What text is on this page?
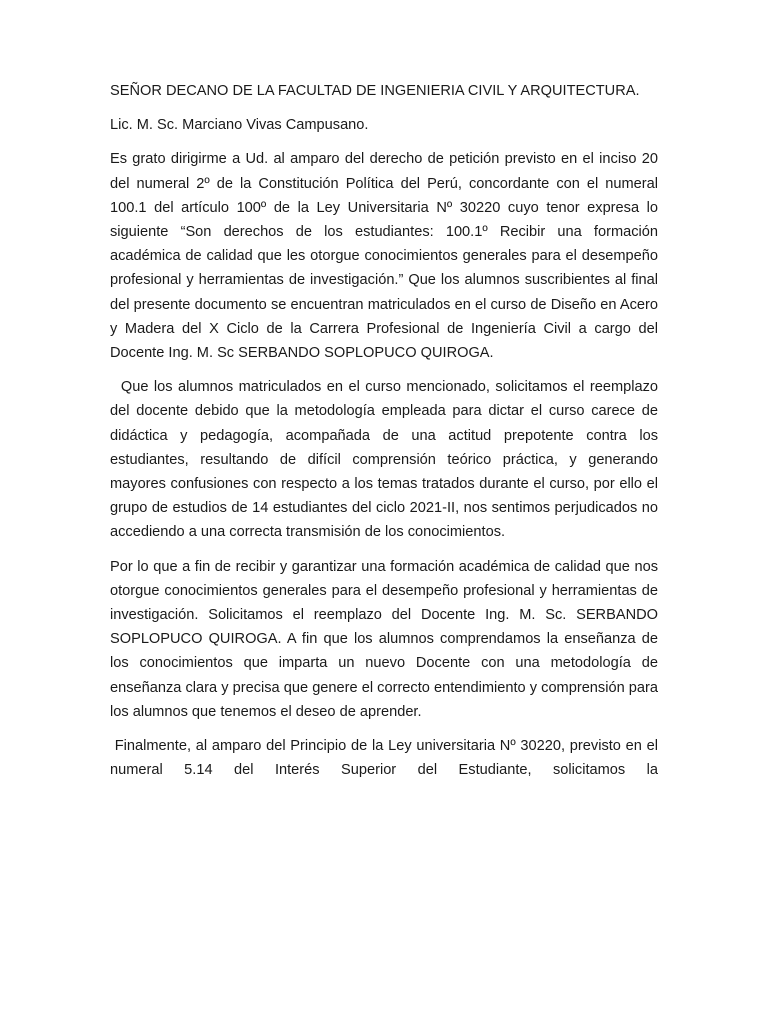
SEÑOR DECANO DE LA FACULTAD DE INGENIERIA CIVIL Y ARQUITECTURA.

Lic. M. Sc. Marciano Vivas Campusano.

Es grato dirigirme a Ud. al amparo del derecho de petición previsto en el inciso 20 del numeral 2º de la Constitución Política del Perú, concordante con el numeral 100.1 del artículo 100º de la Ley Universitaria Nº 30220 cuyo tenor expresa lo siguiente “Son derechos de los estudiantes: 100.1º Recibir una formación académica de calidad que les otorgue conocimientos generales para el desempeño profesional y herramientas de investigación.” Que los alumnos suscribientes al final del presente documento se encuentran matriculados en el curso de Diseño en Acero y Madera del X Ciclo de la Carrera Profesional de Ingeniería Civil a cargo del Docente Ing. M. Sc SERBANDO SOPLOPUCO QUIROGA.

Que los alumnos matriculados en el curso mencionado, solicitamos el reemplazo del docente debido que la metodología empleada para dictar el curso carece de didáctica y pedagogía, acompañada de una actitud prepotente contra los estudiantes, resultando de difícil comprensión teórico práctica, y generando mayores confusiones con respecto a los temas tratados durante el curso, por ello el grupo de estudios de 14 estudiantes del ciclo 2021-II, nos sentimos perjudicados no accediendo a una correcta transmisión de los conocimientos.

Por lo que a fin de recibir y garantizar una formación académica de calidad que nos otorgue conocimientos generales para el desempeño profesional y herramientas de investigación. Solicitamos el reemplazo del Docente Ing. M. Sc. SERBANDO SOPLOPUCO QUIROGA. A fin que los alumnos comprendamos la enseñanza de los conocimientos que imparta un nuevo Docente con una metodología de enseñanza clara y precisa que genere el correcto entendimiento y comprensión para los alumnos que tenemos el deseo de aprender.

Finalmente, al amparo del Principio de la Ley universitaria Nº 30220, previsto en el numeral 5.14 del Interés Superior del Estudiante, solicitamos la
